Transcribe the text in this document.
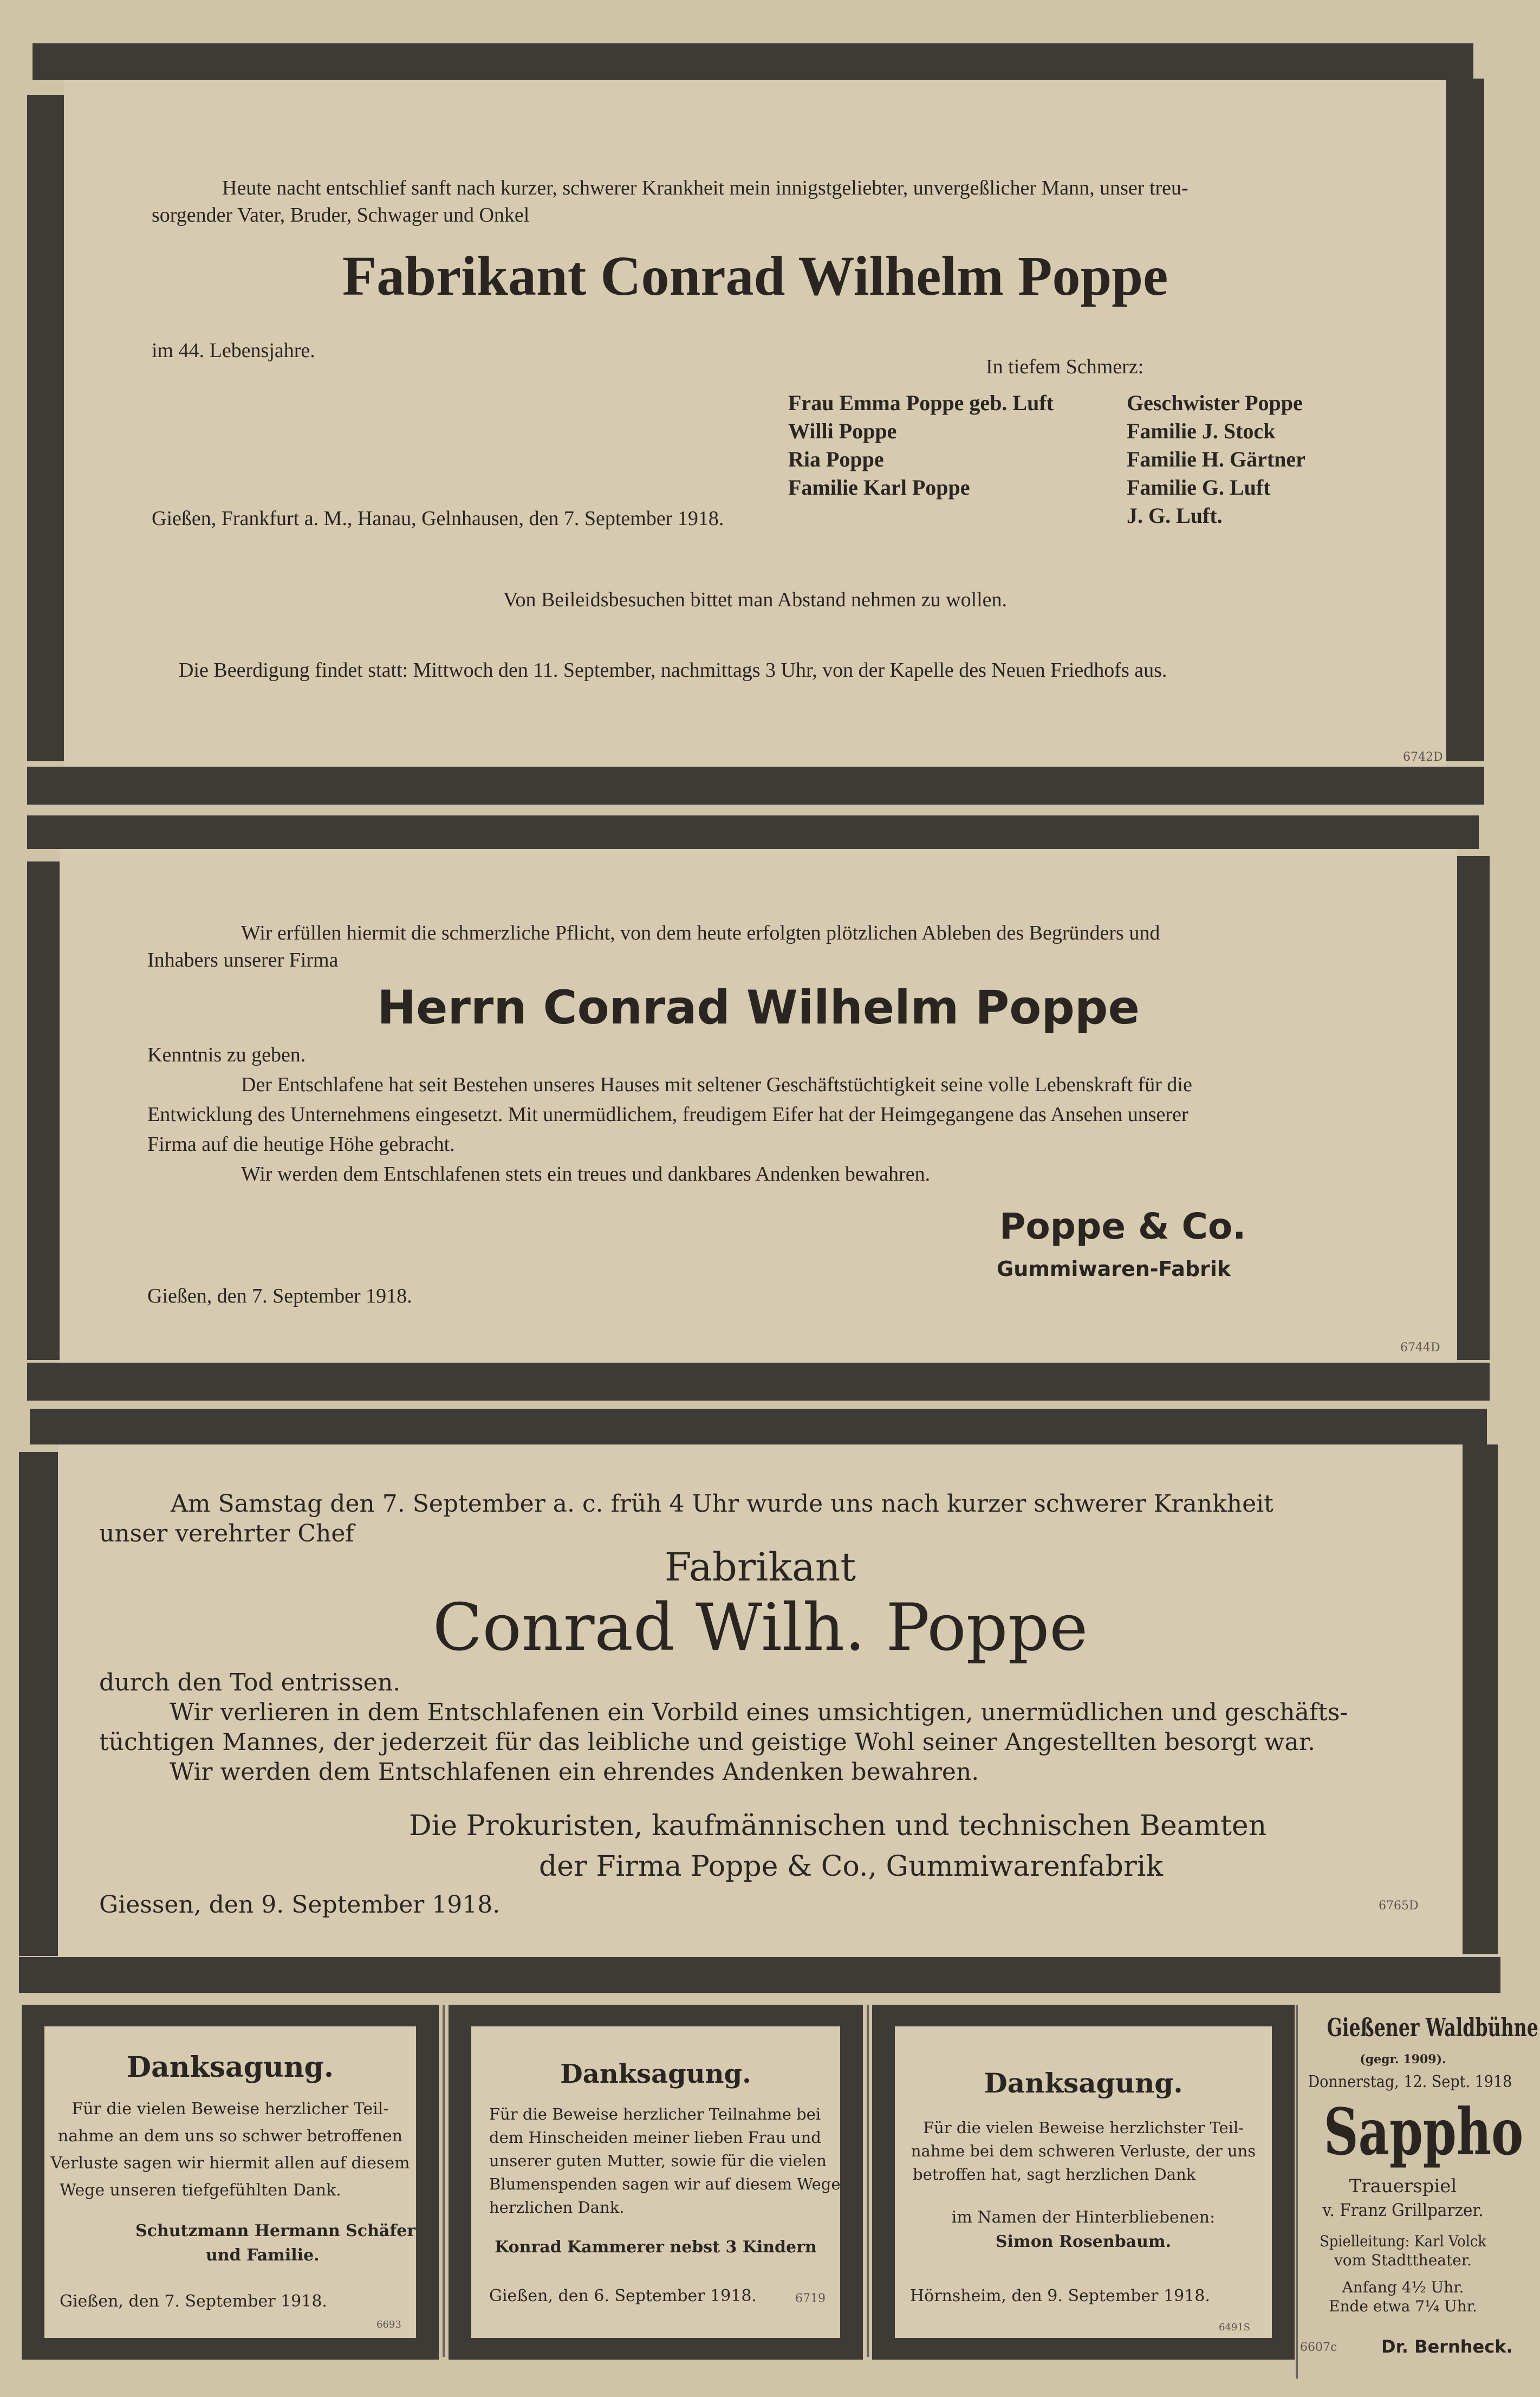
Heute nacht entschlief sanft nach kurzer, schwerer Krankheit mein innigstgeliebter, unvergeßlicher Mann, unser treu-
sorgender Vater, Bruder, Schwager und Onkel
Fabrikant Conrad Wilhelm Poppe
im 44. Lebensjahre.
In tiefem Schmerz:
Frau Emma Poppe geb. Luft
Willi Poppe
Ria Poppe
Familie Karl Poppe
Geschwister Poppe
Familie J. Stock
Familie H. Gärtner
Familie G. Luft
J. G. Luft.
Gießen, Frankfurt a. M., Hanau, Gelnhausen, den 7. September 1918.
Von Beileidsbesuchen bittet man Abstand nehmen zu wollen.
Die Beerdigung findet statt: Mittwoch den 11. September, nachmittags 3 Uhr, von der Kapelle des Neuen Friedhofs aus.
6742D
Wir erfüllen hiermit die schmerzliche Pflicht, von dem heute erfolgten plötzlichen Ableben des Begründers und
Inhabers unserer Firma
Herrn Conrad Wilhelm Poppe
Kenntnis zu geben.
Der Entschlafene hat seit Bestehen unseres Hauses mit seltener Geschäftstüchtigkeit seine volle Lebenskraft für die
Entwicklung des Unternehmens eingesetzt. Mit unermüdlichem, freudigem Eifer hat der Heimgegangene das Ansehen unserer
Firma auf die heutige Höhe gebracht.
Wir werden dem Entschlafenen stets ein treues und dankbares Andenken bewahren.
Poppe & Co.
Gummiwaren-Fabrik
Gießen, den 7. September 1918.
6744D
Am Samstag den 7. September a. c. früh 4 Uhr wurde uns nach kurzer schwerer Krankheit
unser verehrter Chef
Fabrikant
Conrad Wilh. Poppe
durch den Tod entrissen.
Wir verlieren in dem Entschlafenen ein Vorbild eines umsichtigen, unermüdlichen und geschäfts-
tüchtigen Mannes, der jederzeit für das leibliche und geistige Wohl seiner Angestellten besorgt war.
Wir werden dem Entschlafenen ein ehrendes Andenken bewahren.
Die Prokuristen, kaufmännischen und technischen Beamten
der Firma Poppe & Co., Gummiwarenfabrik
Giessen, den 9. September 1918.	6765D
Danksagung.
Für die vielen Beweise herzlicher Teil-
nahme an dem uns so schwer betroffenen
Verluste sagen wir hiermit allen auf diesem
Wege unseren tiefgefühlten Dank.
Schutzmann Hermann Schäfer
und Familie.
Gießen, den 7. September 1918.
6693
Danksagung.
Für die Beweise herzlicher Teilnahme bei
dem Hinscheiden meiner lieben Frau und
unserer guten Mutter, sowie für die vielen
Blumenspenden sagen wir auf diesem Wege
herzlichen Dank.
Konrad Kammerer nebst 3 Kindern
Gießen, den 6. September 1918.	6719
Danksagung.
Für die vielen Beweise herzlichster Teil-
nahme bei dem schweren Verluste, der uns
betroffen hat, sagt herzlichen Dank
im Namen der Hinterbliebenen:
Simon Rosenbaum.
Hörnsheim, den 9. September 1918.
6491S
Gießener Waldbühne
(gegr. 1909).
Donnerstag, 12. Sept. 1918
Sappho
Trauerspiel
v. Franz Grillparzer.
Spielleitung: Karl Volck
vom Stadttheater.
Anfang 4½ Uhr.
Ende etwa 7¼ Uhr.
6607c	Dr. Bernheck.
